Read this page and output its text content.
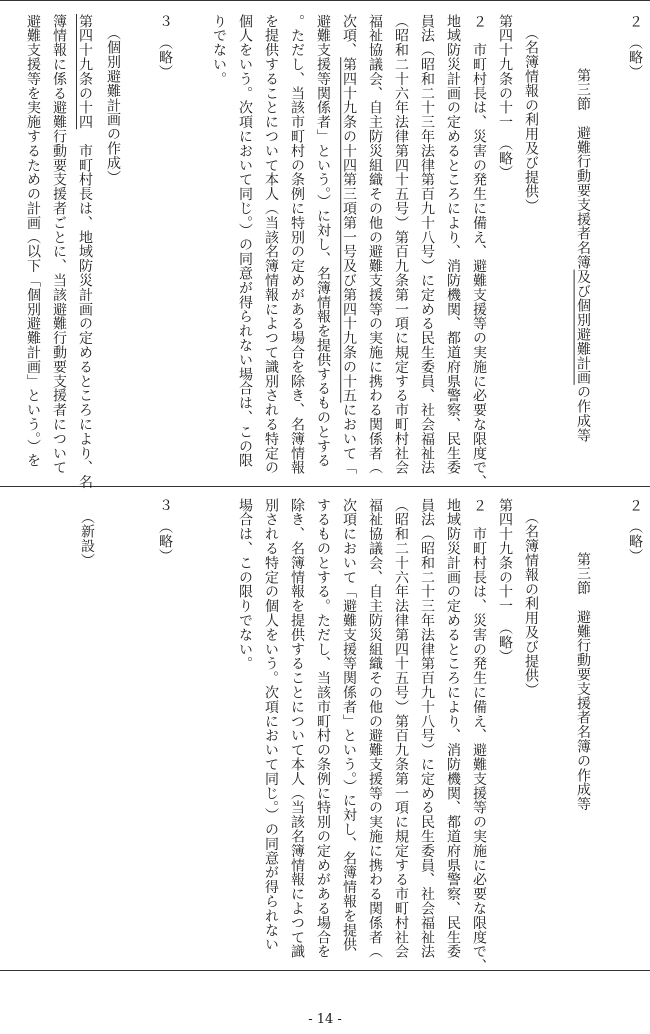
２　（略）
第三節　避難行動要支援者名簿及び個別避難計画の作成等
（名簿情報の利用及び提供）
第四十九条の十一　（略）
２　市町村長は、災害の発生に備え、避難支援等の実施に必要な限度で、
地域防災計画の定めるところにより、消防機関、都道府県警察、民生委
員法（昭和二十三年法律第百九十八号）に定める民生委員、社会福祉法
（昭和二十六年法律第四十五号）第百九条第一項に規定する市町村社会
福祉協議会、自主防災組織その他の避難支援等の実施に携わる関係者（
次項、第四十九条の十四第三項第一号及び第四十九条の十五において「
避難支援等関係者」という。）に対し、名簿情報を提供するものとする
。ただし、当該市町村の条例に特別の定めがある場合を除き、名簿情報
を提供することについて本人（当該名簿情報によつて識別される特定の
個人をいう。次項において同じ。）の同意が得られない場合は、この限
りでない。
３　（略）
（個別避難計画の作成）
第四十九条の十四　市町村長は、地域防災計画の定めるところにより、名
簿情報に係る避難行動要支援者ごとに、当該避難行動要支援者について
避難支援等を実施するための計画（以下「個別避難計画」という。）を
２　（略）
第三節　避難行動要支援者名簿の作成等
（名簿情報の利用及び提供）
第四十九条の十一　（略）
２　市町村長は、災害の発生に備え、避難支援等の実施に必要な限度で、
地域防災計画の定めるところにより、消防機関、都道府県警察、民生委
員法（昭和二十三年法律第百九十八号）に定める民生委員、社会福祉法
（昭和二十六年法律第四十五号）第百九条第一項に規定する市町村社会
福祉協議会、自主防災組織その他の避難支援等の実施に携わる関係者（
次項において「避難支援等関係者」という。）に対し、名簿情報を提供
するものとする。ただし、当該市町村の条例に特別の定めがある場合を
除き、名簿情報を提供することについて本人（当該名簿情報によつて識
別される特定の個人をいう。次項において同じ。）の同意が得られない
場合は、この限りでない。
３　（略）
（新設）
- 14 -
